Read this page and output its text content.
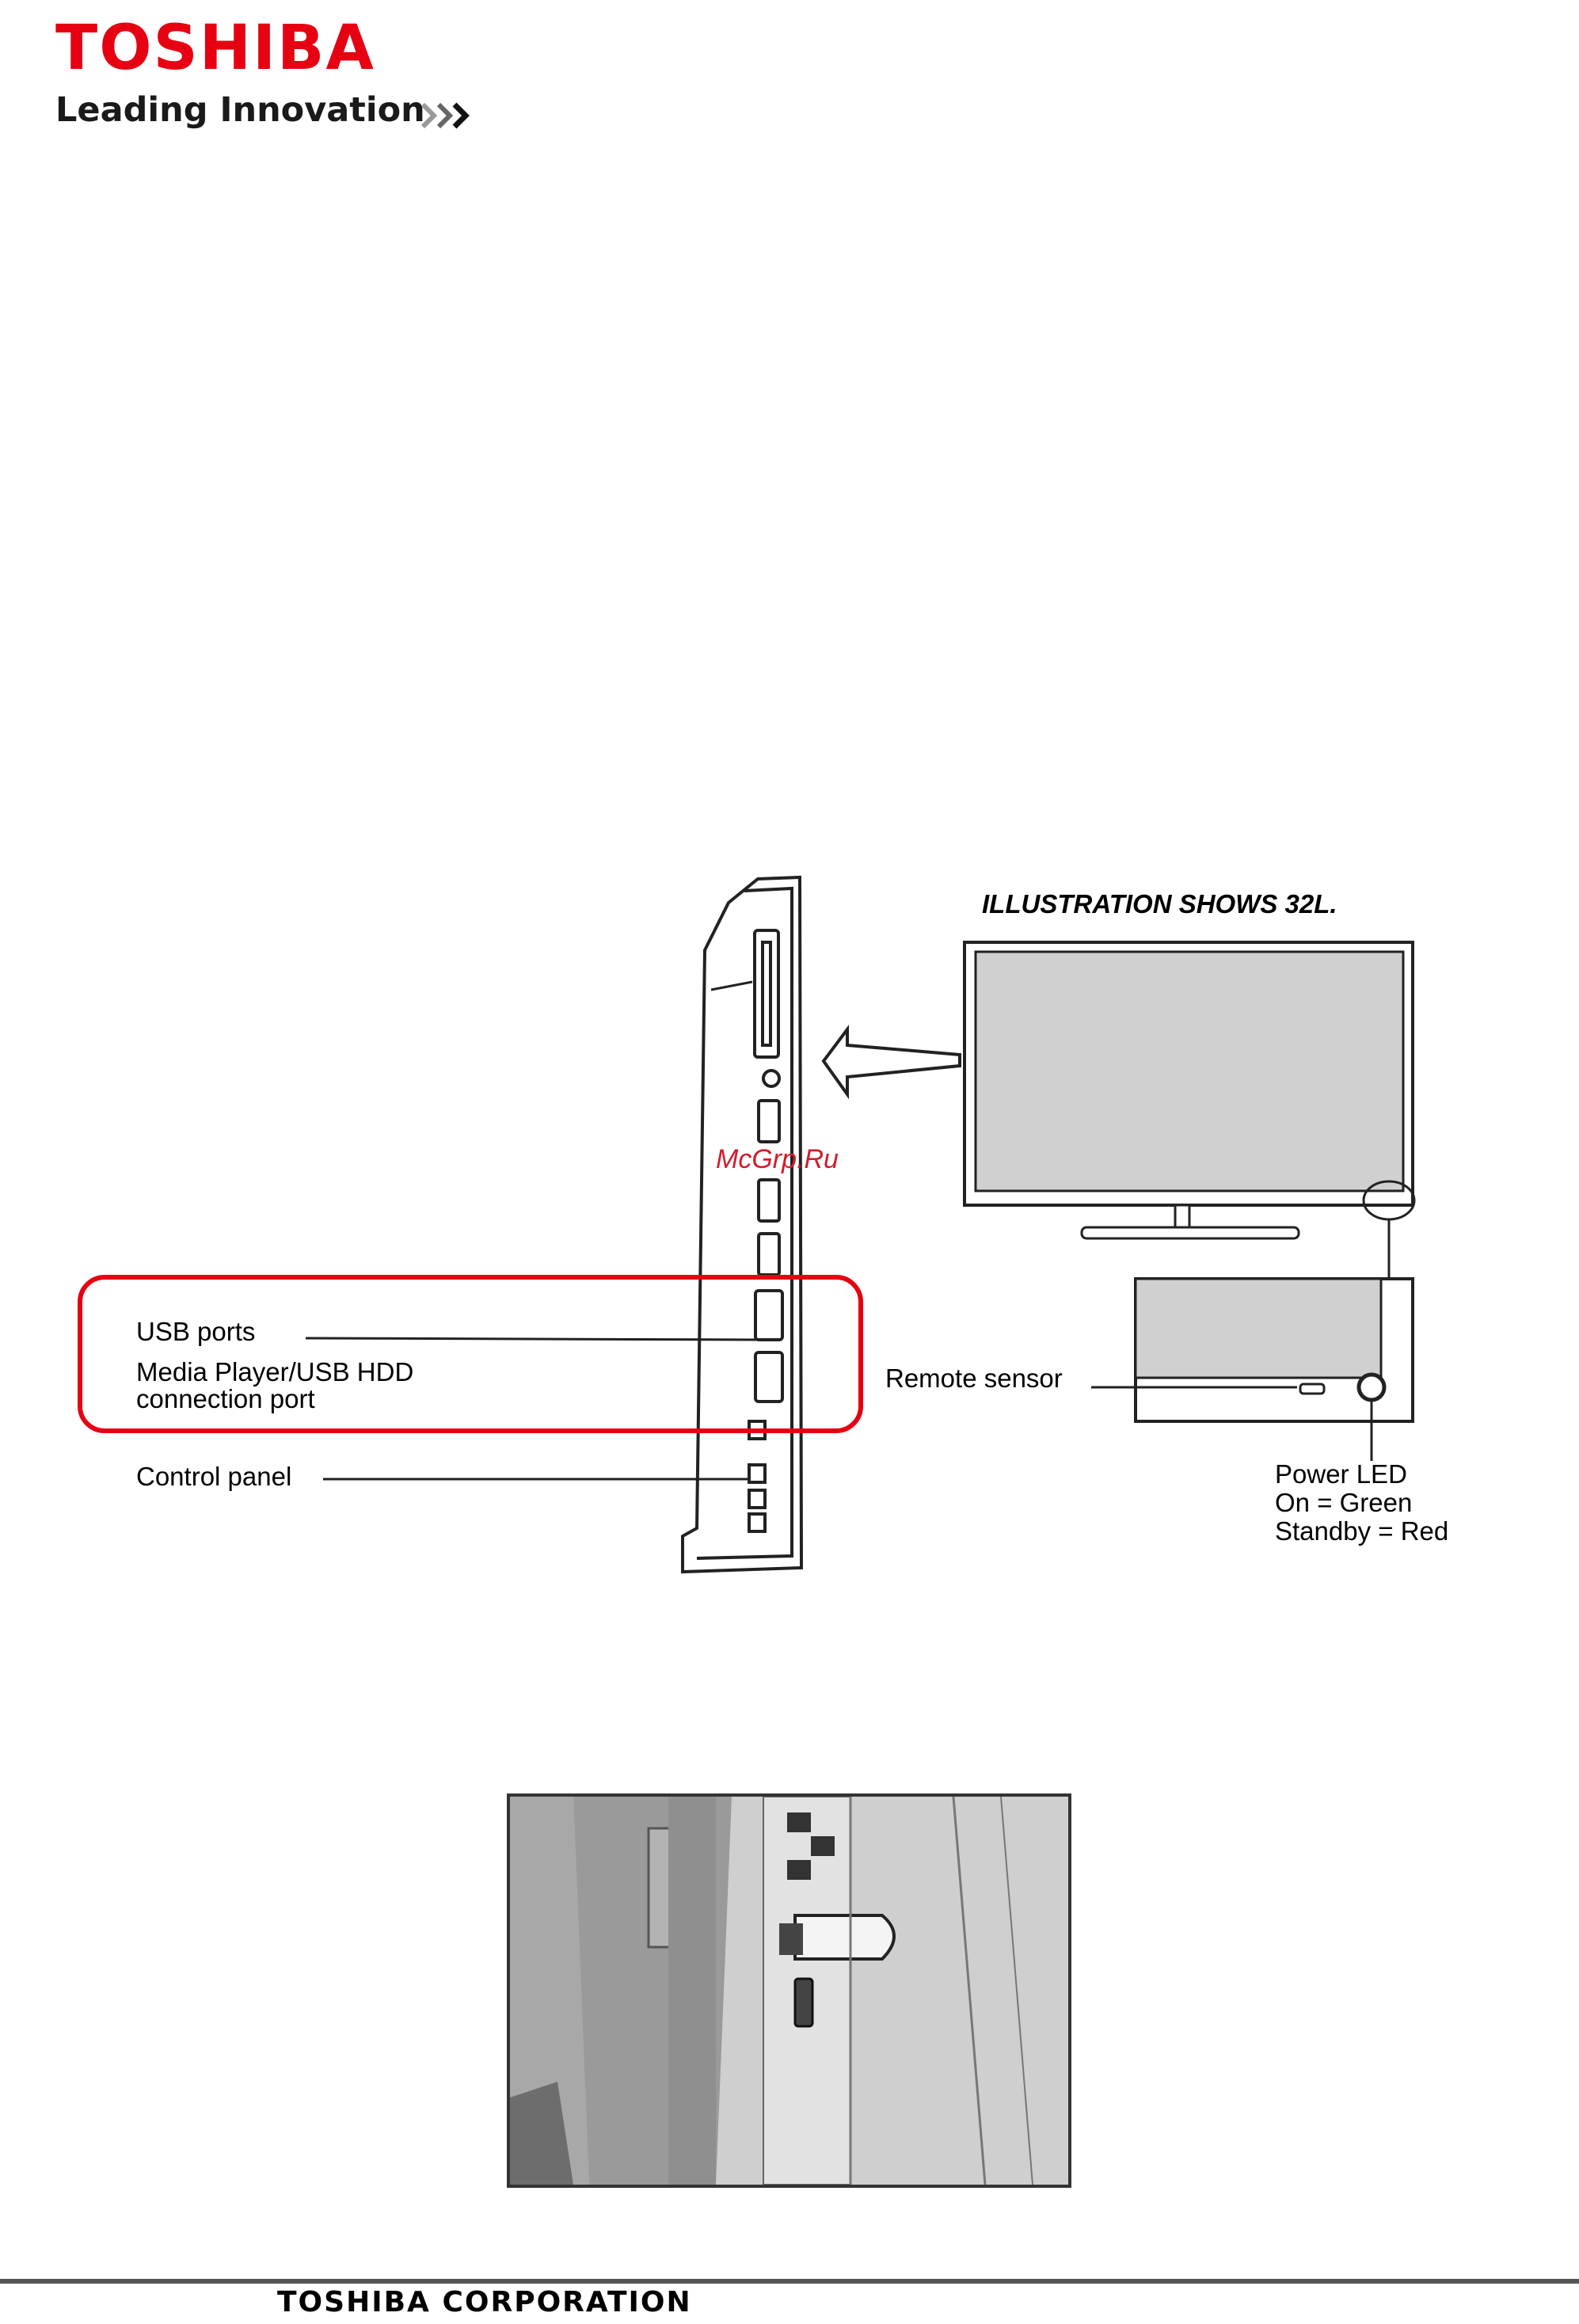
TOSHIBA
Leading Innovation
ILLUSTRATION SHOWS 32L.
USB ports
Media Player/USB HDD
connection port
Control panel
Remote sensor
Power LED
On = Green
Standby = Red
McGrp.Ru
TOSHIBA CORPORATION
